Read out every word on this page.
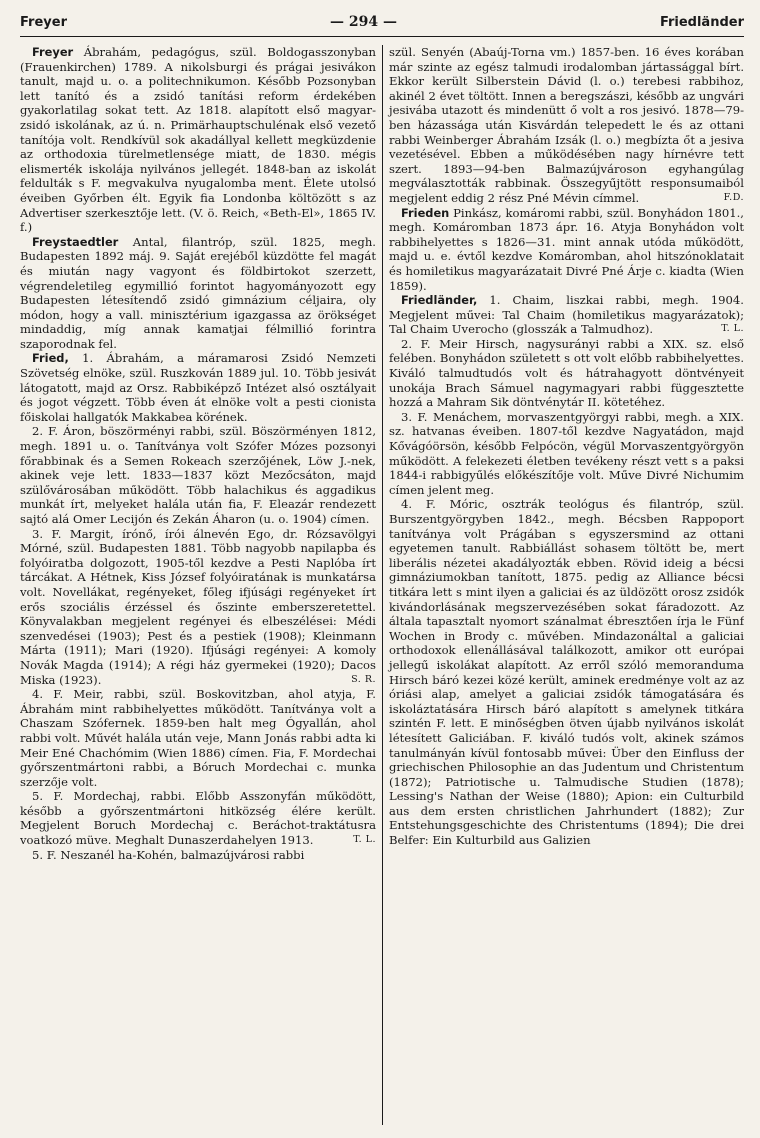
Freyer	— 294 —	Friedländer

Freyer Ábrahám, pedagógus, szül. Boldogasszonyban (Frauenkirchen) 1789. A nikolsburgi és prágai jesivákon tanult, majd u. o. a politechnikumon. Később Pozsonyban lett tanító és a zsidó tanítási reform érdekében gyakorlatilag sokat tett. Az 1818. alapított első magyar-zsidó iskolának, az ú. n. Primärhauptschulénak első vezető tanítója volt. Rendkívül sok akadállyal kellett megküzdenie az orthodoxia türelmetlensége miatt, de 1830. mégis elismerték iskolája nyilvános jellegét. 1848-ban az iskolát feldulták s F. megvakulva nyugalomba ment. Élete utolsó éveiben Győrben élt. Egyik fia Londonba költözött s az Advertiser szerkesztője lett. (V. ö. Reich, «Beth-El», 1865 IV. f.)

Freystaedtler Antal, filantróp, szül. 1825, megh. Budapesten 1892 máj. 9. Saját erejéből küzdötte fel magát és miután nagy vagyont és földbirtokot szerzett, végrendeletileg egymillió forintot hagyományozott egy Budapesten létesítendő zsidó gimnázium céljaira, oly módon, hogy a vall. minisztérium igazgassa az örökséget mindaddig, míg annak kamatjai félmillió forintra szaporodnak fel.

Fried, 1. Ábrahám, a máramarosi Zsidó Nemzeti Szövetség elnöke, szül. Ruszkován 1889 jul. 10. Több jesivát látogatott, majd az Orsz. Rabbiképző Intézet alsó osztályait és jogot végzett. Több éven át elnöke volt a pesti cionista főiskolai hallgatók Makkabea körének.

2. F. Áron, böszörményi rabbi, szül. Böszörményen 1812, megh. 1891 u. o. Tanítványa volt Szófer Mózes pozsonyi főrabbinak és a Semen Rokeach szerzőjének, Löw J.-nek, akinek veje lett. 1833—1837 közt Mezőcsáton, majd szülővárosában működött. Több halachikus és aggadikus munkát írt, melyeket halála után fia, F. Eleazár rendezett sajtó alá Omer Lecijón és Zekán Áharon (u. o. 1904) címen.

3. F. Margit, írónő, írói álnevén Ego, dr. Rózsavölgyi Mórné, szül. Budapesten 1881. Több nagyobb napilapba és folyóiratba dolgozott, 1905-től kezdve a Pesti Naplóba írt tárcákat. A Hétnek, Kiss József folyóiratának is munkatársa volt. Novellákat, regényeket, főleg ifjúsági regényeket írt erős szociális érzéssel és őszinte emberszeretettel. Könyvalakban megjelent regényei és elbeszélései: Médi szenvedései (1903); Pest és a pestiek (1908); Kleinmann Márta (1911); Mari (1920). Ifjúsági regényei: A komoly Novák Magda (1914); A régi ház gyermekei (1920); Dacos Miska (1923).	S. R.

4. F. Meir, rabbi, szül. Boskovitzban, ahol atyja, F. Ábrahám mint rabbihelyettes működött. Tanítványa volt a Chaszam Szófernek. 1859-ben halt meg Ógyallán, ahol rabbi volt. Művét halála után veje, Mann Jonás rabbi adta ki Meir Ené Chachómim (Wien 1886) címen. Fia, F. Mordechai győrszentmártoni rabbi, a Bóruch Mordechai c. munka szerzője volt.

5. F. Mordechaj, rabbi. Előbb Asszonyfán működött, később a győrszentmártoni hitközség élére került. Megjelent Boruch Mordechaj c. Beráchot-traktátusra voatkozó müve. Meghalt Dunaszerdahelyen 1913.	T. L.

5. F. Neszanél ha-Kohén, balmazújvárosi rabbi

szül. Senyén (Abaúj-Torna vm.) 1857-ben. 16 éves korában már szinte az egész talmudi irodalomban jártassággal bírt. Ekkor került Silberstein Dávid (l. o.) terebesi rabbihoz, akinél 2 évet töltött. Innen a beregszászi, később az ungvári jesivába utazott és mindenütt ő volt a ros jesivó. 1878—79-ben házassága után Kisvárdán telepedett le és az ottani rabbi Weinberger Ábrahám Izsák (l. o.) megbízta őt a jesiva vezetésével. Ebben a működésében nagy hírnévre tett szert. 1893—94-ben Balmazújvároson egyhangúlag megválasztották rabbinak. Összegyűjtött responsumaiból megjelent eddig 2 rész Pné Mévin címmel.	F.D.

Frieden Pinkász, komáromi rabbi, szül. Bonyhádon 1801., megh. Komáromban 1873 ápr. 16. Atyja Bonyhádon volt rabbihelyettes s 1826—31. mint annak utóda működött, majd u. e. évtől kezdve Komáromban, ahol hitszónoklatait és homiletikus magyarázatait Divré Pné Árje c. kiadta (Wien 1859).

Friedländer, 1. Chaim, liszkai rabbi, megh. 1904. Megjelent művei: Tal Chaim (homiletikus magyarázatok); Tal Chaim Uverocho (glosszák a Talmudhoz).	T. L.

2. F. Meir Hirsch, nagysurányi rabbi a XIX. sz. első felében. Bonyhádon született s ott volt előbb rabbihelyettes. Kiváló talmudtudós volt és hátrahagyott döntvényeit unokája Brach Sámuel nagymagyari rabbi függesztette hozzá a Mahram Sik döntvénytár II. kötetéhez.

3. F. Menáchem, morvaszentgyörgyi rabbi, megh. a XIX. sz. hatvanas éveiben. 1807-től kezdve Nagyatádon, majd Kővágóörsön, később Felpócön, végül Morvaszentgyörgyön működött. A felekezeti életben tevékeny részt vett s a paksi 1844-i rabbigyűlés előkészítője volt. Műve Divré Nichumim címen jelent meg.

4. F. Móric, osztrák teológus és filantróp, szül. Burszentgyörgyben 1842., megh. Bécsben Rappoport tanítványa volt Prágában s egyszersmind az ottani egyetemen tanult. Rabbiállást sohasem töltött be, mert liberális nézetei akadályozták ebben. Rövid ideig a bécsi gimnáziumokban tanított, 1875. pedig az Alliance bécsi titkára lett s mint ilyen a galiciai és az üldözött orosz zsidók kivándorlásának megszervezésében sokat fáradozott. Az általa tapasztalt nyomort szánalmat ébresztően írja le Fünf Wochen in Brody c. művében. Mindazonáltal a galiciai orthodoxok ellenállásával találkozott, amikor ott európai jellegű iskolákat alapított. Az erről szóló memoranduma Hirsch báró kezei közé került, aminek eredménye volt az az óriási alap, amelyet a galiciai zsidók támogatására és iskoláztatására Hirsch báró alapított s amelynek titkára szintén F. lett. E minőségben ötven újabb nyilvános iskolát létesített Galiciában. F. kiváló tudós volt, akinek számos tanulmányán kívül fontosabb művei: Über den Einfluss der griechischen Philosophie an das Judentum und Christentum (1872); Patriotische u. Talmudische Studien (1878); Lessing's Nathan der Weise (1880); Apion: ein Culturbild aus dem ersten christlichen Jahrhundert (1882); Zur Entstehungsgeschichte des Christentums (1894); Die drei Belfer: Ein Kulturbild aus Galizien
